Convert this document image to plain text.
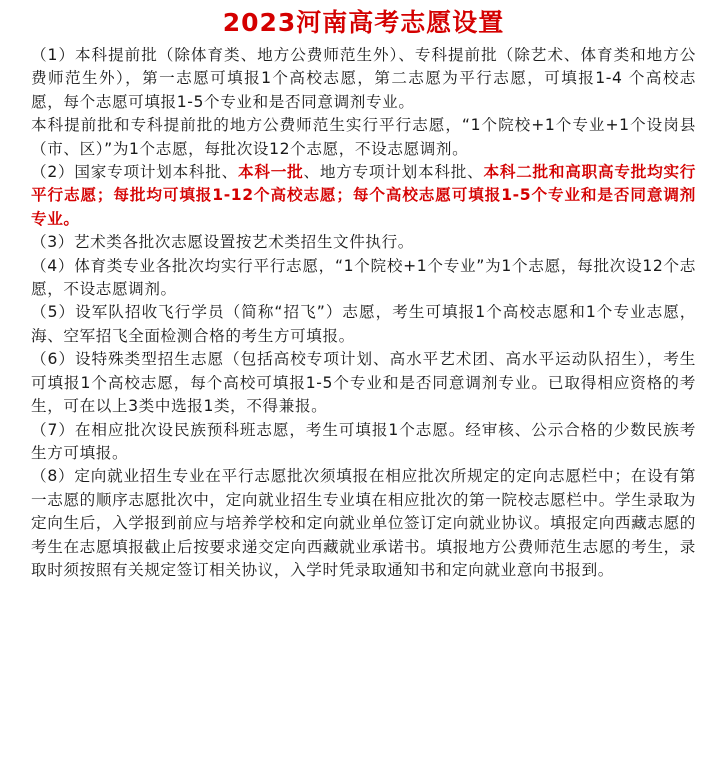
2023河南高考志愿设置

（1）本科提前批（除体育类、地方公费师范生外）、专科提前批（除艺术、体育类和地方公费师范生外），第一志愿可填报1个高校志愿，第二志愿为平行志愿，可填报1-4 个高校志愿，每个志愿可填报1-5个专业和是否同意调剂专业。

本科提前批和专科提前批的地方公费师范生实行平行志愿，“1个院校+1个专业+1个设岗县（市、区）”为1个志愿，每批次设12个志愿，不设志愿调剂。

（2）国家专项计划本科批、本科一批、地方专项计划本科批、本科二批和高职高专批均实行平行志愿；每批均可填报1-12个高校志愿；每个高校志愿可填报1-5个专业和是否同意调剂专业。

（3）艺术类各批次志愿设置按艺术类招生文件执行。

（4）体育类专业各批次均实行平行志愿，“1个院校+1个专业”为1个志愿，每批次设12个志愿，不设志愿调剂。

（5）设军队招收飞行学员（简称“招飞”）志愿，考生可填报1个高校志愿和1个专业志愿，海、空军招飞全面检测合格的考生方可填报。

（6）设特殊类型招生志愿（包括高校专项计划、高水平艺术团、高水平运动队招生），考生可填报1个高校志愿，每个高校可填报1-5个专业和是否同意调剂专业。已取得相应资格的考生，可在以上3类中选报1类，不得兼报。

（7）在相应批次设民族预科班志愿，考生可填报1个志愿。经审核、公示合格的少数民族考生方可填报。

（8）定向就业招生专业在平行志愿批次须填报在相应批次所规定的定向志愿栏中；在设有第一志愿的顺序志愿批次中，定向就业招生专业填在相应批次的第一院校志愿栏中。学生录取为定向生后，入学报到前应与培养学校和定向就业单位签订定向就业协议。填报定向西藏志愿的考生在志愿填报截止后按要求递交定向西藏就业承诺书。填报地方公费师范生志愿的考生，录取时须按照有关规定签订相关协议，入学时凭录取通知书和定向就业意向书报到。
